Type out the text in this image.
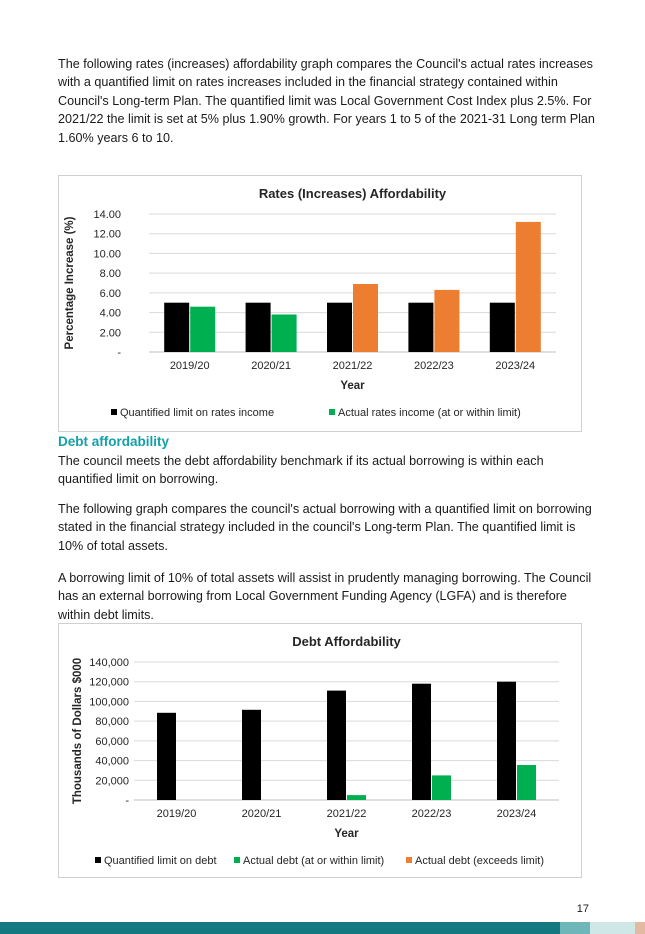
The following rates (increases) affordability graph compares the Council's actual rates increases with a quantified limit on rates increases included in the financial strategy contained within Council's Long-term Plan. The quantified limit was Local Government Cost Index plus 2.5%. For 2021/22 the limit is set at 5% plus 1.90% growth. For years 1 to 5 of the 2021-31 Long term Plan 1.60% years 6 to 10.

Rates (Increases) Affordability
-
2.00
4.00
6.00
8.00
10.00
12.00
14.00
2019/20	2020/21	2021/22	2022/23	2023/24
Year
Percentage Increase (%)
Quantified limit on rates income	Actual rates income (at or within limit)
Debt affordability

The council meets the debt affordability benchmark if its actual borrowing is within each quantified limit on borrowing.

The following graph compares the council's actual borrowing with a quantified limit on borrowing stated in the financial strategy included in the council's Long-term Plan. The quantified limit is 10% of total assets.

A borrowing limit of 10% of total assets will assist in prudently managing borrowing. The Council has an external borrowing from Local Government Funding Agency (LGFA) and is therefore within debt limits.

Debt Affordability
-
20,000
40,000
60,000
80,000
100,000
120,000
140,000
2019/20	2020/21	2021/22	2022/23	2023/24
Year
Thousands of Dollars $000
Quantified limit on debt Actual debt (at or within limit)	Actual debt (exceeds limit)
17
